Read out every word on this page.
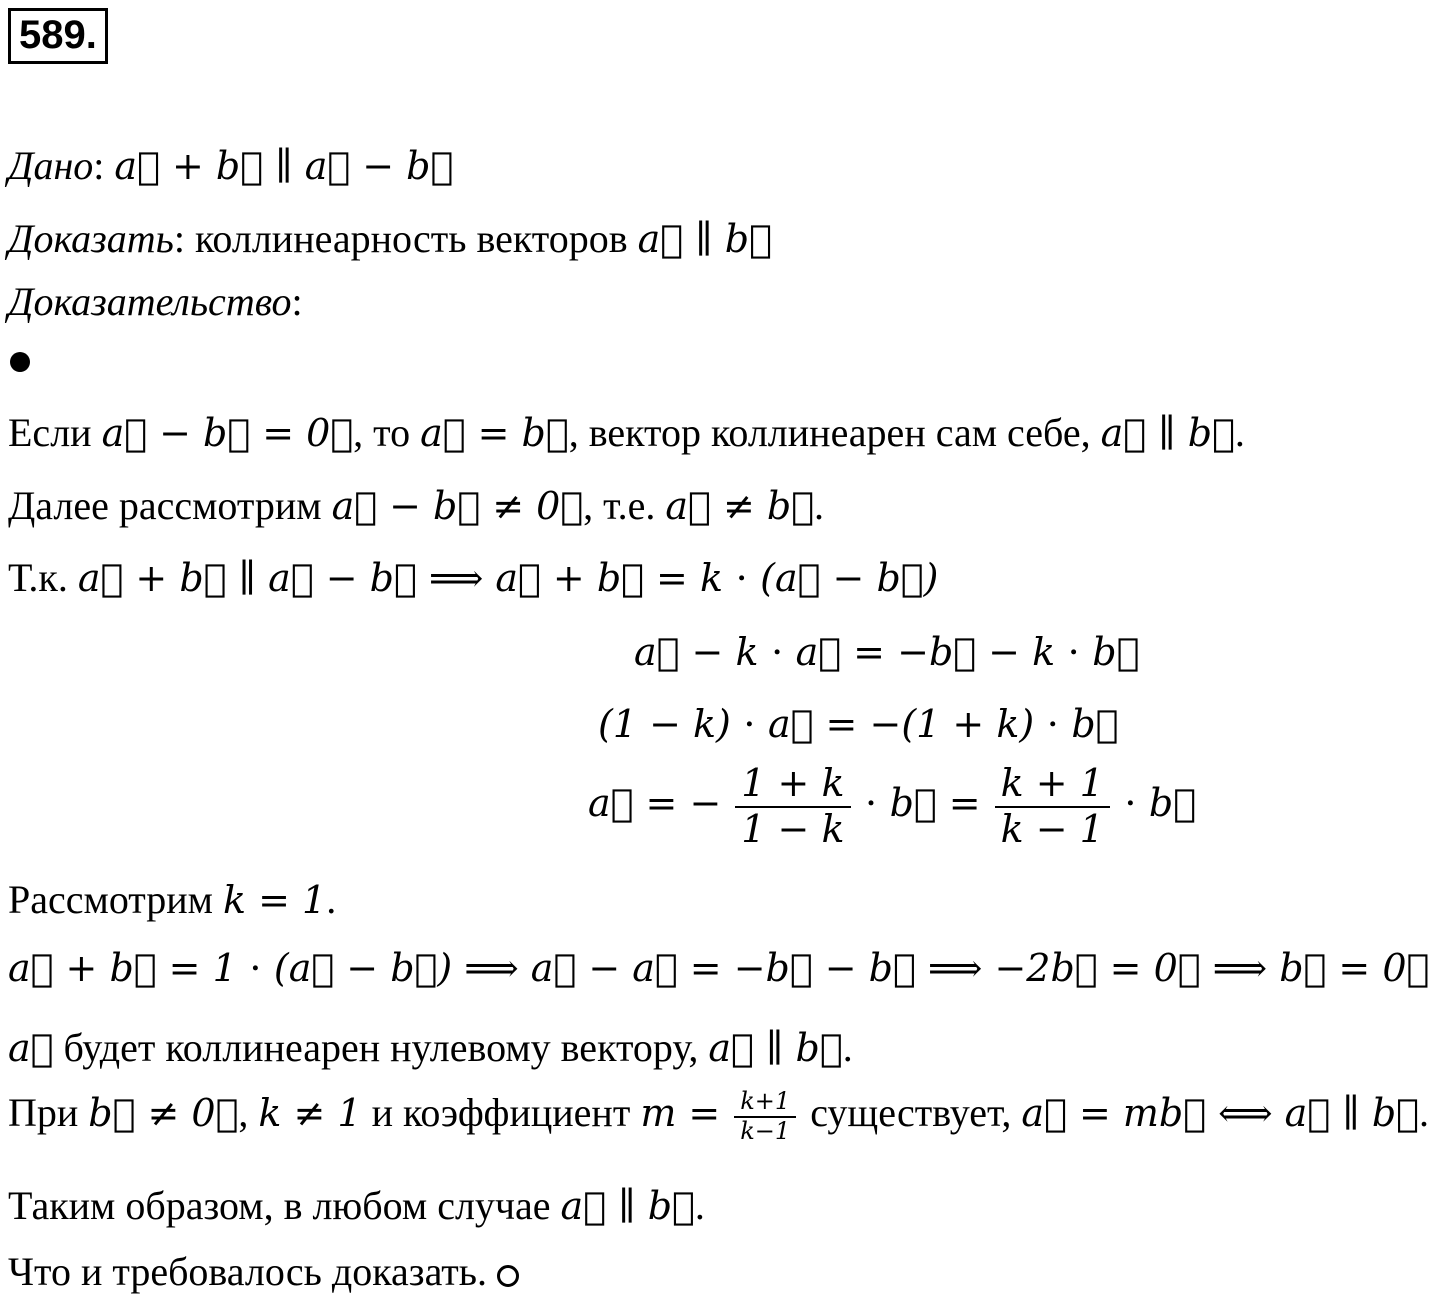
589.
Дано: a⃗ + b⃗ ∥ a⃗ − b⃗
Доказать: коллинеарность векторов a⃗ ∥ b⃗
Доказательство:
Если a⃗ − b⃗ = 0⃗, то a⃗ = b⃗, вектор коллинеарен сам себе, a⃗ ∥ b⃗.
Далее рассмотрим a⃗ − b⃗ ≠ 0⃗, т.е. a⃗ ≠ b⃗.
Т.к. a⃗ + b⃗ ∥ a⃗ − b⃗ ⟹ a⃗ + b⃗ = k ⋅ (a⃗ − b⃗)
a⃗ − k ⋅ a⃗ = −b⃗ − k ⋅ b⃗
(1 − k) ⋅ a⃗ = −(1 + k) ⋅ b⃗
a⃗ = − $\frac{1 + k}{1 - k}$ ⋅ b⃗ = $\frac{k + 1}{k - 1}$ ⋅ b⃗
Рассмотрим k = 1.
a⃗ + b⃗ = 1 ⋅ (a⃗ − b⃗) ⟹ a⃗ − a⃗ = −b⃗ − b⃗ ⟹ −2b⃗ = 0⃗ ⟹ b⃗ = 0⃗
a⃗ будет коллинеарен нулевому вектору, a⃗ ∥ b⃗.
При b⃗ ≠ 0⃗, k ≠ 1 и коэффициент $m = \frac{k+1}{k-1}$ существует, a⃗ = mb⃗ ⟺ a⃗ ∥ b⃗.
Таким образом, в любом случае a⃗ ∥ b⃗.
Что и требовалось доказать.
